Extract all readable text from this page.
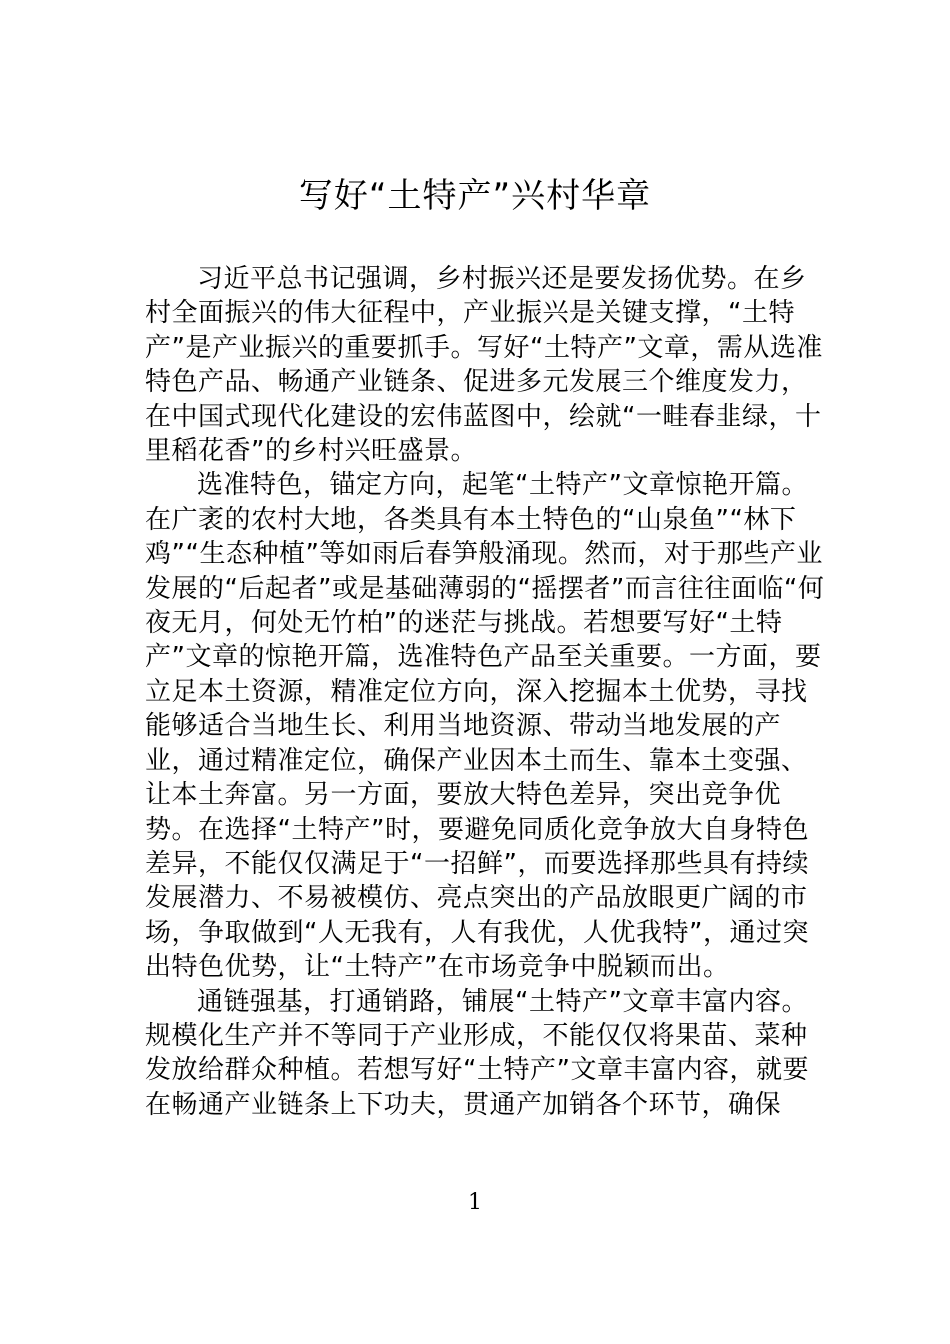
写好“土特产”兴村华章

习近平总书记强调，乡村振兴还是要发扬优势。在乡村全面振兴的伟大征程中，产业振兴是关键支撑，“土特产”是产业振兴的重要抓手。写好“土特产”文章，需从选准特色产品、畅通产业链条、促进多元发展三个维度发力，在中国式现代化建设的宏伟蓝图中，绘就“一畦春韭绿，十里稻花香”的乡村兴旺盛景。

选准特色，锚定方向，起笔“土特产”文章惊艳开篇。在广袤的农村大地，各类具有本土特色的“山泉鱼”“林下鸡”“生态种植”等如雨后春笋般涌现。然而，对于那些产业发展的“后起者”或是基础薄弱的“摇摆者”而言往往面临“何夜无月，何处无竹柏”的迷茫与挑战。若想要写好“土特产”文章的惊艳开篇，选准特色产品至关重要。一方面，要立足本土资源，精准定位方向，深入挖掘本土优势，寻找能够适合当地生长、利用当地资源、带动当地发展的产业，通过精准定位，确保产业因本土而生、靠本土变强、让本土奔富。另一方面，要放大特色差异，突出竞争优势。在选择“土特产”时，要避免同质化竞争放大自身特色差异，不能仅仅满足于“一招鲜”，而要选择那些具有持续发展潜力、不易被模仿、亮点突出的产品放眼更广阔的市场，争取做到“人无我有，人有我优，人优我特”，通过突出特色优势，让“土特产”在市场竞争中脱颖而出。

通链强基，打通销路，铺展“土特产”文章丰富内容。规模化生产并不等同于产业形成，不能仅仅将果苗、菜种发放给群众种植。若想写好“土特产”文章丰富内容，就要在畅通产业链条上下功夫，贯通产加销各个环节，确保

1
